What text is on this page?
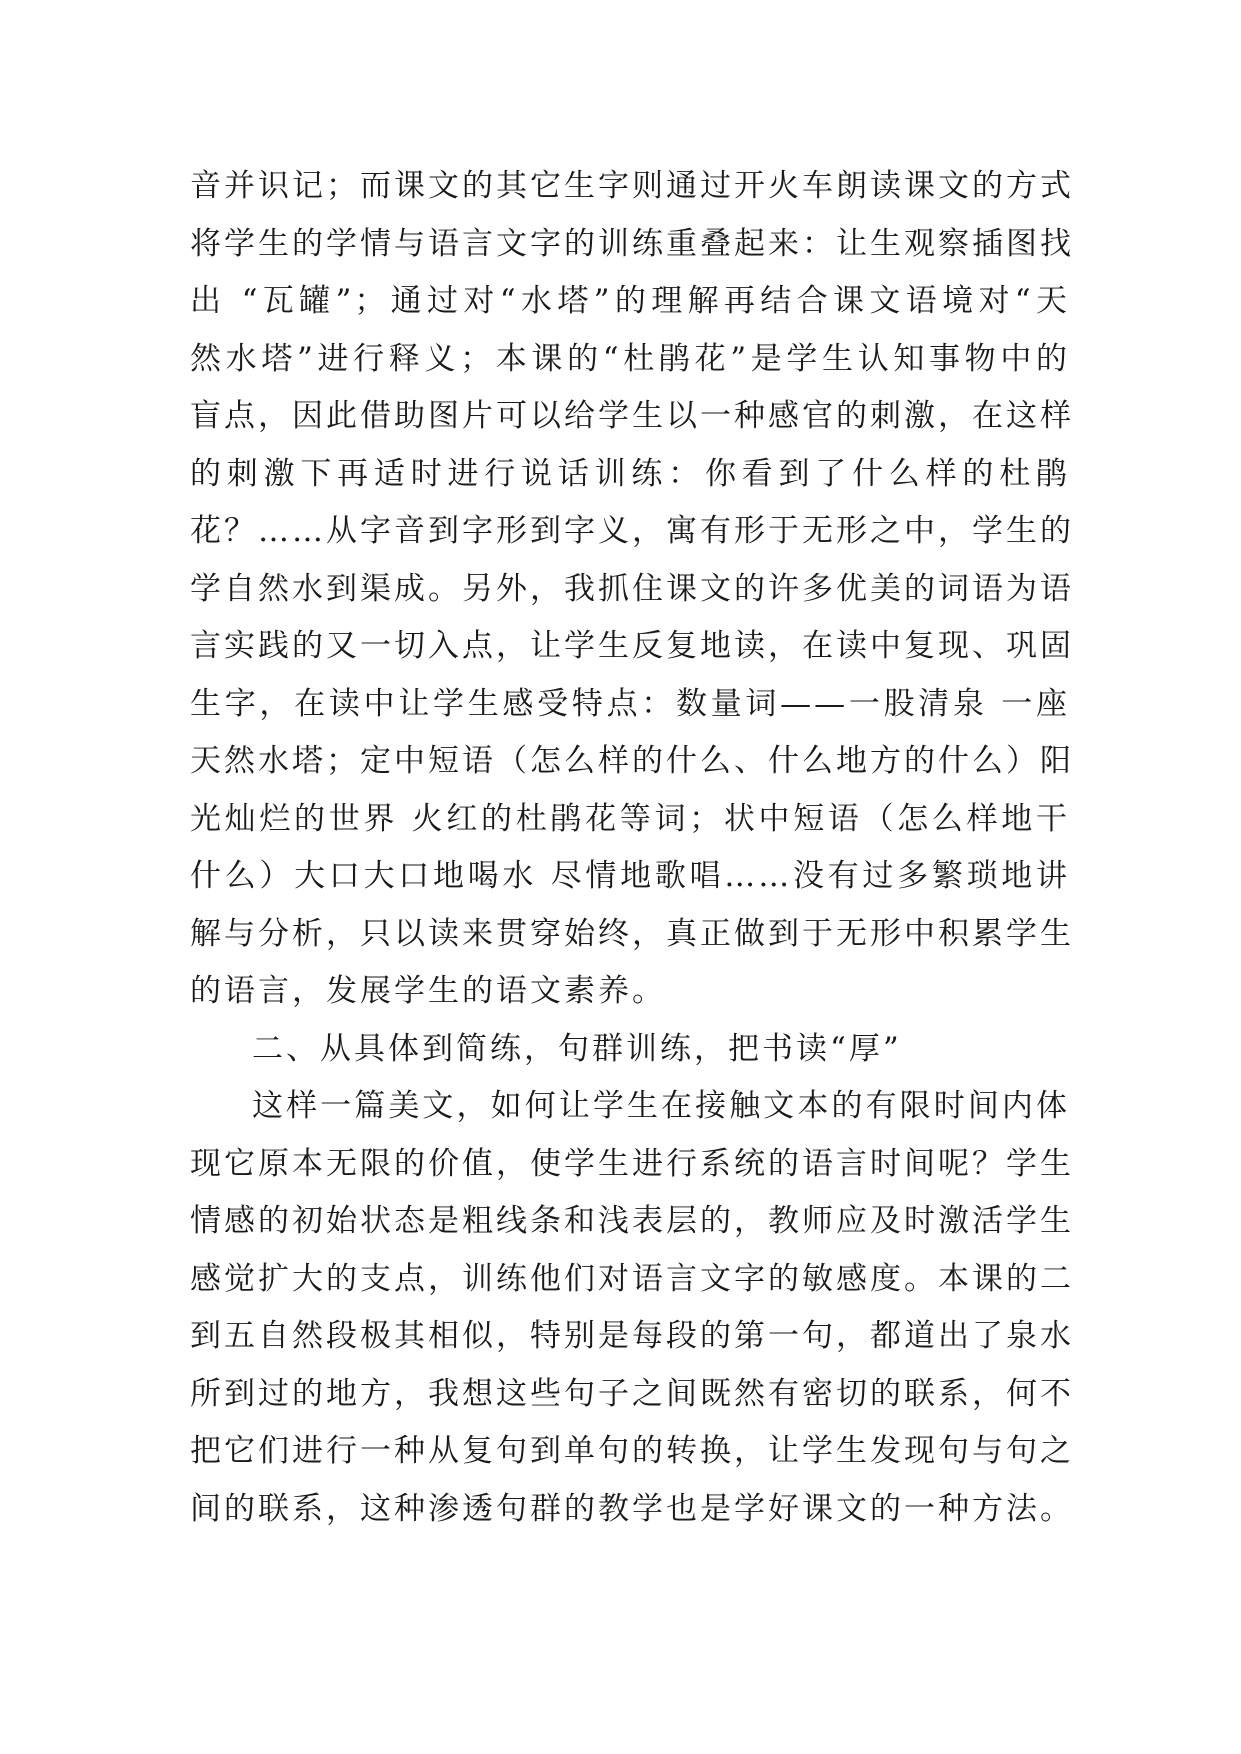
音并识记；而课文的其它生字则通过开火车朗读课文的方式
将学生的学情与语言文字的训练重叠起来：让生观察插图找
出 “瓦罐”；通过对“水塔”的理解再结合课文语境对“天
然水塔”进行释义；本课的“杜鹃花”是学生认知事物中的
盲点，因此借助图片可以给学生以一种感官的刺激，在这样
的刺激下再适时进行说话训练：你看到了什么样的杜鹃
花？……从字音到字形到字义，寓有形于无形之中，学生的
学自然水到渠成。另外，我抓住课文的许多优美的词语为语
言实践的又一切入点，让学生反复地读，在读中复现、巩固
生字，在读中让学生感受特点：数量词——一股清泉 一座
天然水塔；定中短语（怎么样的什么、什么地方的什么）阳
光灿烂的世界 火红的杜鹃花等词；状中短语（怎么样地干
什么）大口大口地喝水 尽情地歌唱……没有过多繁琐地讲
解与分析，只以读来贯穿始终，真正做到于无形中积累学生
的语言，发展学生的语文素养。
二、从具体到简练，句群训练，把书读“厚”
这样一篇美文，如何让学生在接触文本的有限时间内体
现它原本无限的价值，使学生进行系统的语言时间呢？学生
情感的初始状态是粗线条和浅表层的，教师应及时激活学生
感觉扩大的支点，训练他们对语言文字的敏感度。本课的二
到五自然段极其相似，特别是每段的第一句，都道出了泉水
所到过的地方，我想这些句子之间既然有密切的联系，何不
把它们进行一种从复句到单句的转换，让学生发现句与句之
间的联系，这种渗透句群的教学也是学好课文的一种方法。
